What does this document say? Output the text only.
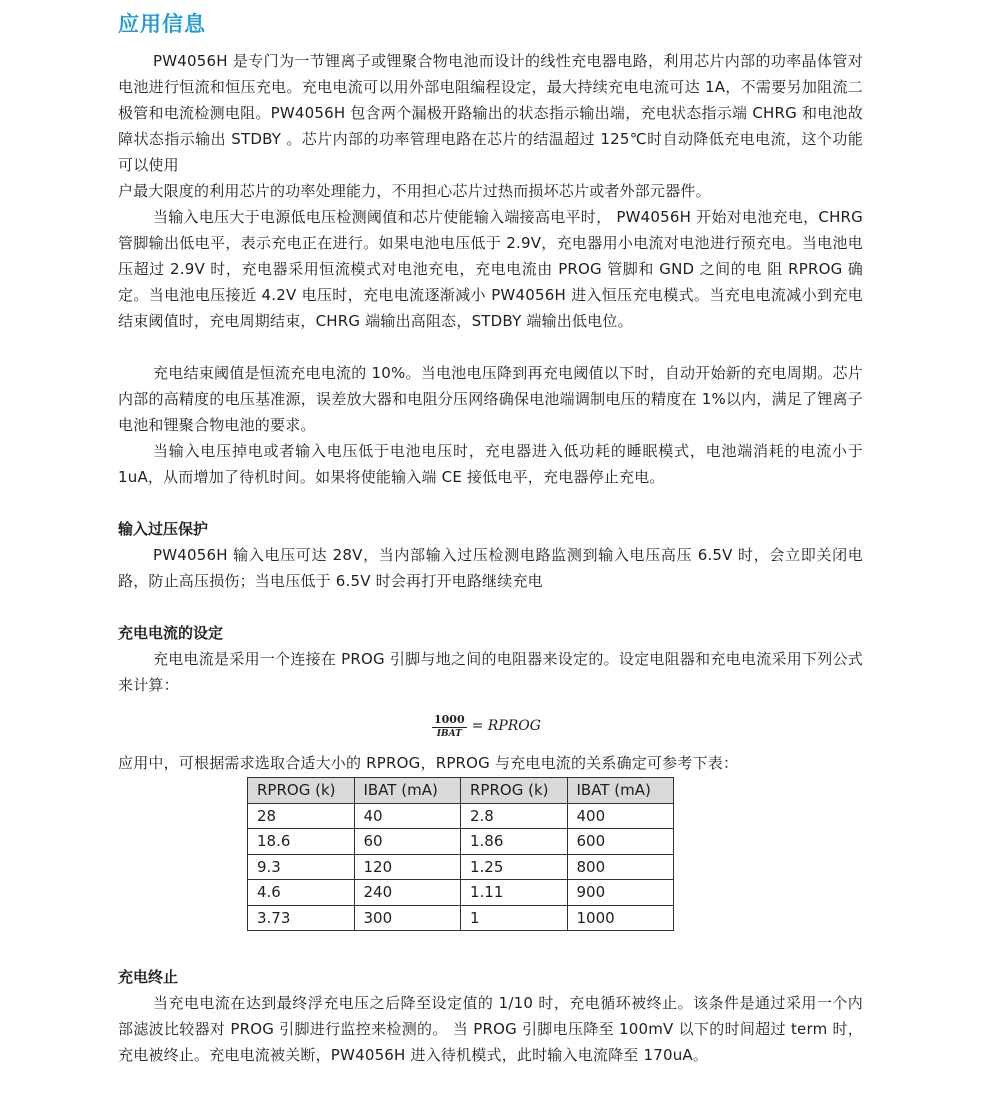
应用信息

PW4056H 是专门为一节锂离子或锂聚合物电池而设计的线性充电器电路，利用芯片内部的功率晶体管对电池进行恒流和恒压充电。充电电流可以用外部电阻编程设定，最大持续充电电流可达 1A，不需要另加阻流二极管和电流检测电阻。PW4056H 包含两个漏极开路输出的状态指示输出端，充电状态指示端 CHRG 和电池故障状态指示输出 STDBY 。芯片内部的功率管理电路在芯片的结温超过 125℃时自动降低充电电流，这个功能可以使用

户最大限度的利用芯片的功率处理能力，不用担心芯片过热而损坏芯片或者外部元器件。

当输入电压大于电源低电压检测阈值和芯片使能输入端接高电平时， PW4056H 开始对电池充电，CHRG 管脚输出低电平，表示充电正在进行。如果电池电压低于 2.9V，充电器用小电流对电池进行预充电。当电池电压超过 2.9V 时，充电器采用恒流模式对电池充电，充电电流由 PROG 管脚和 GND 之间的电 阻 RPROG 确定。当电池电压接近 4.2V 电压时，充电电流逐渐减小 PW4056H 进入恒压充电模式。当充电电流减小到充电结束阈值时，充电周期结束，CHRG 端输出高阻态，STDBY 端输出低电位。

充电结束阈值是恒流充电电流的 10%。当电池电压降到再充电阈值以下时，自动开始新的充电周期。芯片内部的高精度的电压基准源，误差放大器和电阻分压网络确保电池端调制电压的精度在 1%以内，满足了锂离子电池和锂聚合物电池的要求。

当输入电压掉电或者输入电压低于电池电压时，充电器进入低功耗的睡眠模式，电池端消耗的电流小于 1uA，从而增加了待机时间。如果将使能输入端 CE 接低电平，充电器停止充电。

输入过压保护

PW4056H 输入电压可达 28V，当内部输入过压检测电路监测到输入电压高压 6.5V 时，会立即关闭电路，防止高压损伤；当电压低于 6.5V 时会再打开电路继续充电

充电电流的设定

充电电流是采用一个连接在 PROG 引脚与地之间的电阻器来设定的。设定电阻器和充电电流采用下列公式来计算：

$\frac{1000}{\text{IBAT}}$ = RPROG

应用中，可根据需求选取合适大小的 RPROG，RPROG 与充电电流的关系确定可参考下表：

RPROG (k)	IBAT (mA)	RPROG (k)	IBAT (mA)
28	40	2.8	400
18.6	60	1.86	600
9.3	120	1.25	800
4.6	240	1.11	900
3.73	300	1	1000
充电终止

当充电电流在达到最终浮充电压之后降至设定值的 1/10 时，充电循环被终止。该条件是通过采用一个内部滤波比较器对 PROG 引脚进行监控来检测的。 当 PROG 引脚电压降至 100mV 以下的时间超过 term 时，充电被终止。充电电流被关断，PW4056H 进入待机模式，此时输入电流降至 170uA。
